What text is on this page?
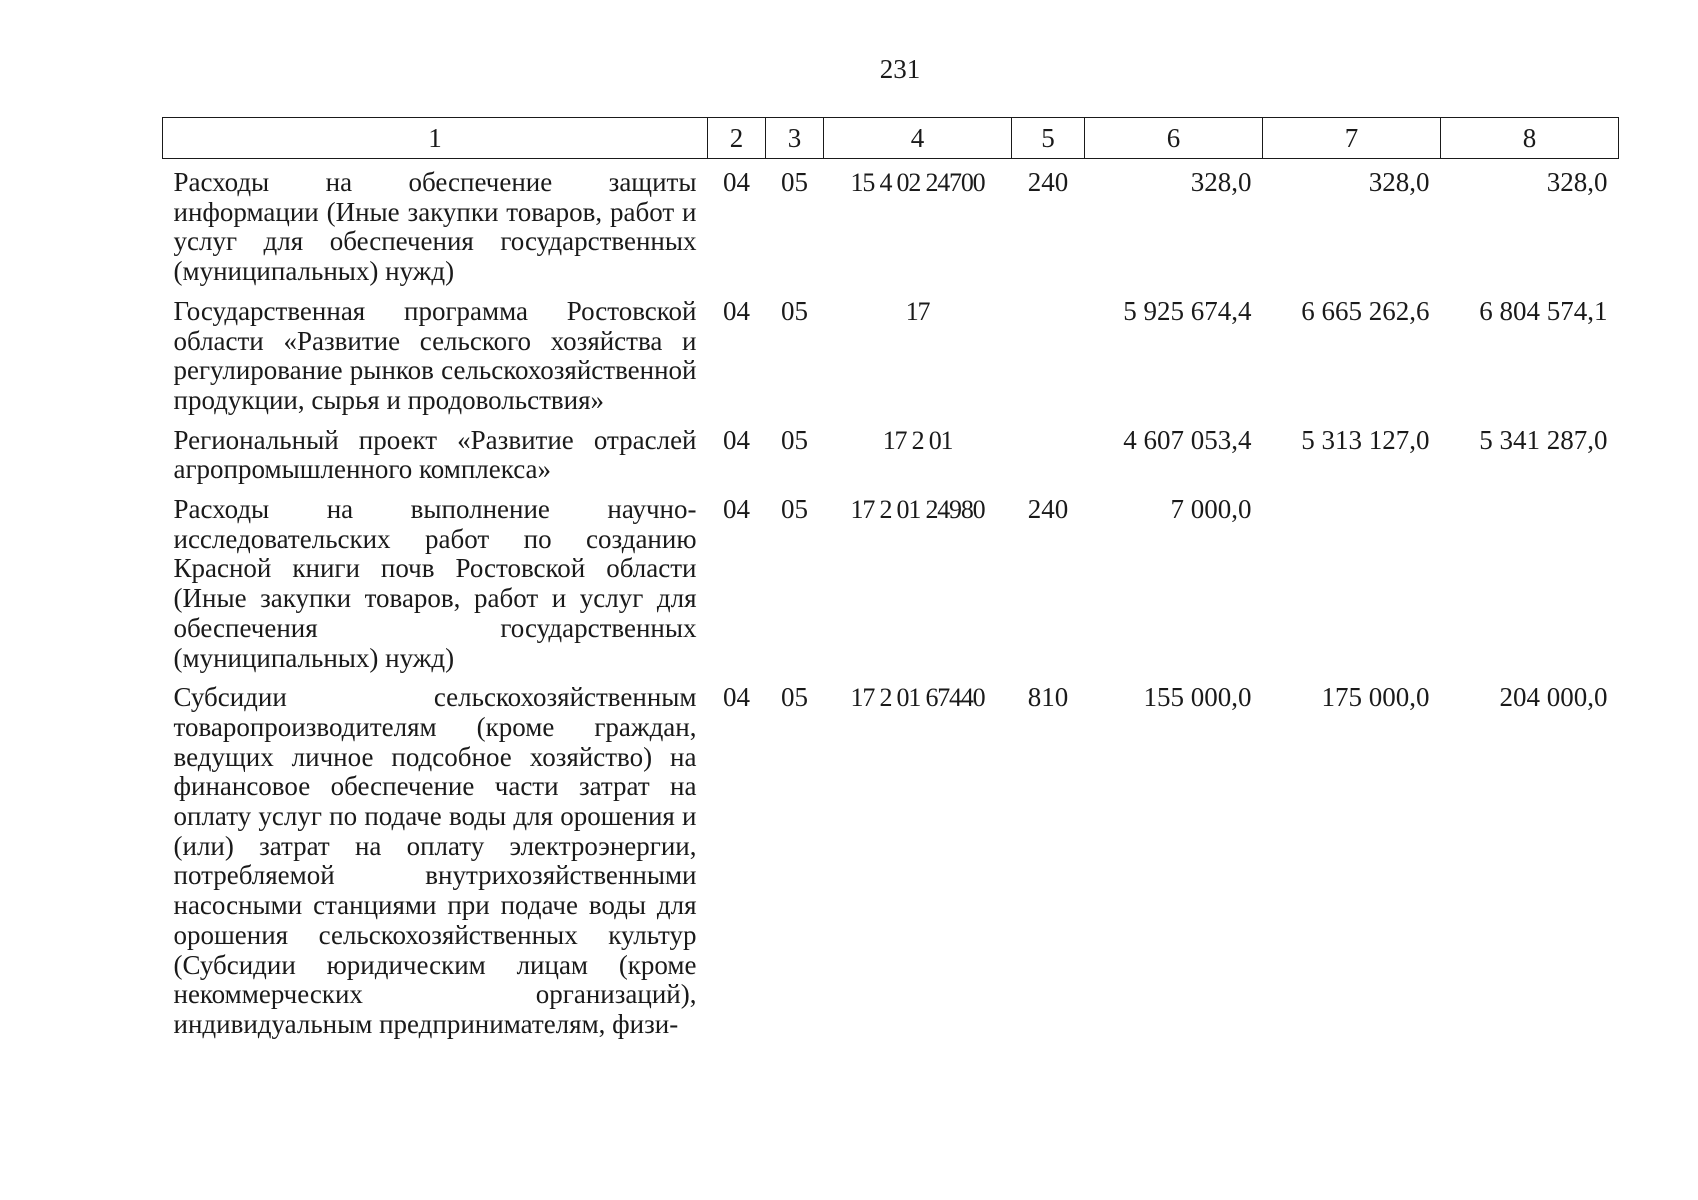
231
1	2	3	4	5	6	7	8
Расходы на обеспечение защиты информации (Иные закупки товаров, работ и услуг для обеспечения государственных (муниципальных) нужд)	04	05	15 4 02 24700	240	328,0	328,0	328,0
Государственная программа Ростовской области «Развитие сельского хозяйства и регулирование рынков сельскохозяйственной продукции, сырья и продовольствия»	04	05	17		5 925 674,4	6 665 262,6	6 804 574,1
Региональный проект «Развитие отраслей агропромышленного комплекса»	04	05	17 2 01		4 607 053,4	5 313 127,0	5 341 287,0
Расходы на выполнение научно-исследовательских работ по созданию Красной книги почв Ростовской области (Иные закупки товаров, работ и услуг для обеспечения государственных (муниципальных) нужд)	04	05	17 2 01 24980	240	7 000,0		
Субсидии сельскохозяйственным товаропроизводителям (кроме граждан, ведущих личное подсобное хозяйство) на финансовое обеспечение части затрат на оплату услуг по подаче воды для орошения и (или) затрат на оплату электроэнергии, потребляемой внутрихозяйственными насосными станциями при подаче воды для орошения сельскохозяйственных культур (Субсидии юридическим лицам (кроме некоммерческих организаций), индивидуальным предпринимателям, физи-	04	05	17 2 01 67440	810	155 000,0	175 000,0	204 000,0
